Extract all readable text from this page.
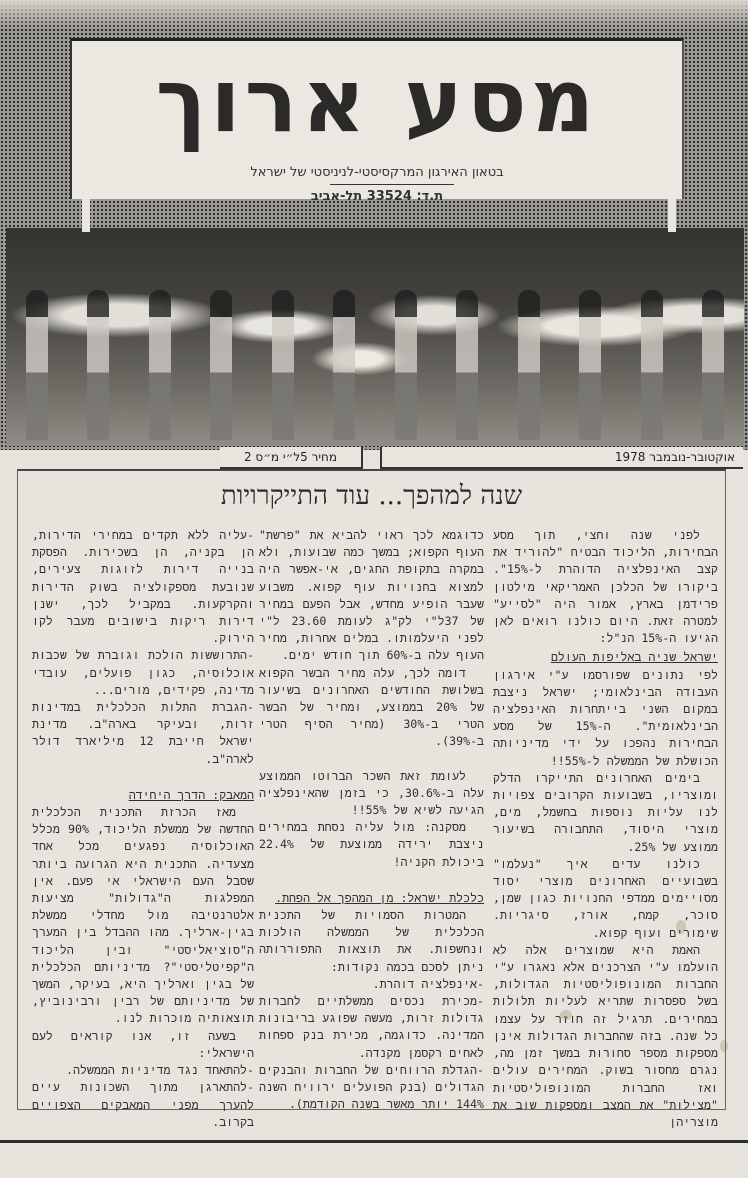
מסע ארוך
בטאון האירגון המרקסיסטי-לניניסטי של ישראל
ת.ד: 33524 תל-אביב
אוקטובר-נובמבר 1978
מחיר 5ל״י מ״ס 2
שנה למהפך... עוד התייקרויות

לפני שנה וחצי, תוך מסע הבחירות, הליכוד הבטיח "להוריד את קצב האינפלציה הדוהרת ל-15%". ביקורו של הכלכן האמריקאי מילטון פרידמן בארץ, אמור היה "לסייע" למטרה זאת. היום כולנו רואים לאן הגיעו ה-15% הנ"ל:

ישראל שניה באליפות העולם

לפי נתונים שפורסמו ע"י אירגון העבודה הבינלאומי; ישראל ניצבת במקום השני בייתחרות האינפלציה הבינלאומית". ה-15% של מסע הבחירות נהפכו על ידי מדיניותה הכושלת של הממשלה ל-55%!!

בימים האחרונים התייקרו הדלק ומוצריו, בשבועות הקרובים צפויות לנו עליות נוספות בחשמל, מים, מוצרי היסוד, התחבורה בשיעור ממוצע של 25%.

כולנו עדים איך "נעלמו" בשבועיים האחרונים מוצרי יסוד מסויימים ממדפי החנויות כגון שמן, סוכר, קמח, אורז, סיגריות. שימורים ועוף קפוא.

האמת היא שמוצרים אלה לא הועלמו ע"י הצרכנים אלא נאגרו ע"י החברות המונופוליסטיות הגדולות, בשל ספסרות שתריא לעליות תלולות במחירים. תרגיל זה חוזר על עצמו כל שנה. בזה שהחברות הגדולות אינן מספקות מספר סחורות במשך זמן מה, נגרם מחסור בשוק. המחירים עולים ואז החברות המונופוליסטיות "מצילות" את המצב ומספקות שוב את מוצריהן

כדוגמא לכך ראוי להביא את "פרשת" העוף הקפוא; במשך כמה שבועות, ולא במקרה בתקופת החגים, אי-אפשר היה למצוא בחנויות עוף קפוא. משבוע שעבר הופיע מחדש, אבל הפעם במחיר של 37ל"י לק"ג לעומת 23.60 ל"י לפני היעלמותו. במלים אחרות, מחיר העוף עלה ב-60% תוך חודש ימים.

דומה לכך, עלה מחיר הבשר הקפוא בשלושת החודשים האחרונים בשיעור של 20% בממוצע, ומחיר של הבשר הטרי ב-30% (מחיר הסיף הטרי ב-39%).

לעומת זאת השכר הברוטו הממוצע עלה ב-30.6%, כי בזמן שהאינפלציה הגיעה לשיא של 55%!!

מסקנה: מול עליה נסחת במחירים ניצבת ירידה ממוצעת של 22.4% ביכולת הקניה!

כלכלת ישראל: מן המהפך אל הפחת.

המטרות הסמויות של התכנית הכלכלית של הממשלה הולכות ונחשפות. את תוצאות התפוררותה ניתן לסכם בכמה נקודות:

-אינפלציה דוהרת.

-מכירת נכסים ממשלתיים לחברות גדולות זרות, מעשה שפוגע בריבונות המדינה. כדוגמה, מכירת בנק ספחות לאחים רקסמן מקנדה.

-הגדלת הרווחים של החברות והבנקים הגדולים (בנק הפועלים ירוויח השנה 144% יותר מאשר בשנה הקודמת).

-עליה ללא תקדים במחירי הדירות, הן בקניה, הן בשכירות. הפסקת בנייה דירות לזוגות צעירים, שנובעת מספקולציה בשוק הדירות והקרקעות. במקביל לכך, ישנן דירות ריקות בישובים מעבר לקו הירוק.

-התרוששות הולכת וגוברת של שכבות אוכלוסיה, כגון פועלים, עובדי מדינה, פקידים, מורים...

-הגברת התלות הכלכלית במדינות זרות, ובעיקר בארה"ב. מדינת ישראל חייבת 12 מיליארד דולר לארה"ב.

המאבק: הדרך היחידה

מאז הכרזת התכנית הכלכלית החדשה של ממשלת הליכוד, 90% מכלל האוכלוסיה נפגעים מכל אחד מצעדיה. התכנית היא הגרועה ביותר שסבל העם הישראלי אי פעם. אין המפלגות ה"גדולות" מציעות אלטרנטיבה מול מחדלי ממשלת בגין-ארליך. מהו ההבדל בין המערך ה"סוציאליסטי" ובין הליכוד ה"קפיטליסטי"? מדיניותם הכלכלית של בגין וארליך היא, בעיקר, המשך של מדיניותם של רבין ורבינוביץ, תוצאותיה מוכרות לנו.

בשעה זו, אנו קוראים לעם הישראלי:

-להתאחד נגד מדיניות הממשלה.

-להתארגן מתוך השכונות עיים להערך מפני המאבקים הצפויים בקרוב.
